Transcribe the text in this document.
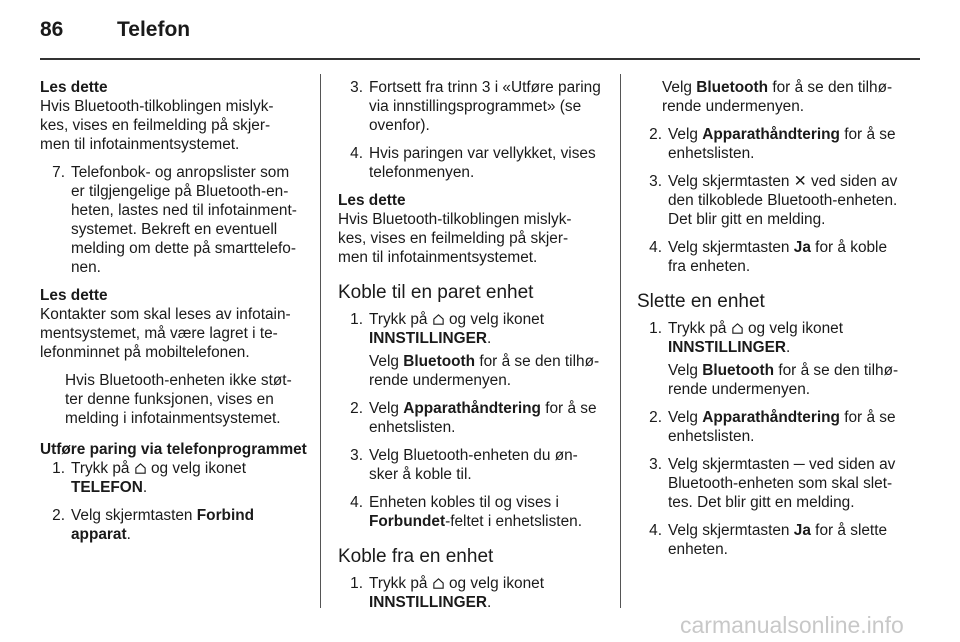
86	Telefon

Les dette

Hvis Bluetooth-tilkoblingen mislyk-
kes, vises en feilmelding på skjer-
men til infotainmentsystemet.

7. Telefonbok- og anropslister som
er tilgjengelige på Bluetooth-en-
heten, lastes ned til infotainment-
systemet. Bekreft en eventuell
melding om dette på smarttelefo-
nen.

Les dette

Kontakter som skal leses av infotain-
mentsystemet, må være lagret i te-
lefonminnet på mobiltelefonen.

Hvis Bluetooth-enheten ikke støt-
ter denne funksjonen, vises en
melding i infotainmentsystemet.

Utføre paring via telefonprogrammet

1. Trykk på og velg ikonet
TELEFON.
2. Velg skjermtasten Forbind
apparat.
3. Fortsett fra trinn 3 i «Utføre paring
via innstillingsprogrammet» (se
ovenfor).
4. Hvis paringen var vellykket, vises
telefonmenyen.

Les dette

Hvis Bluetooth-tilkoblingen mislyk-
kes, vises en feilmelding på skjer-
men til infotainmentsystemet.

Koble til en paret enhet

1. Trykk på og velg ikonet
INNSTILLINGER.

Velg Bluetooth for å se den tilhø-
rende undermenyen.

2. Velg Apparathåndtering for å se
enhetslisten.
3. Velg Bluetooth-enheten du øn-
sker å koble til.
4. Enheten kobles til og vises i
Forbundet-feltet i enhetslisten.

Koble fra en enhet

1. Trykk på og velg ikonet
INNSTILLINGER.

Velg Bluetooth for å se den tilhø-
rende undermenyen.

2. Velg Apparathåndtering for å se
enhetslisten.
3. Velg skjermtasten ✕ ved siden av
den tilkoblede Bluetooth-enheten.
Det blir gitt en melding.
4. Velg skjermtasten Ja for å koble
fra enheten.

Slette en enhet

1. Trykk på og velg ikonet
INNSTILLINGER.

Velg Bluetooth for å se den tilhø-
rende undermenyen.

2. Velg Apparathåndtering for å se
enhetslisten.
3. Velg skjermtasten ─ ved siden av
Bluetooth-enheten som skal slet-
tes. Det blir gitt en melding.
4. Velg skjermtasten Ja for å slette
enheten.
carmanualsonline.info
